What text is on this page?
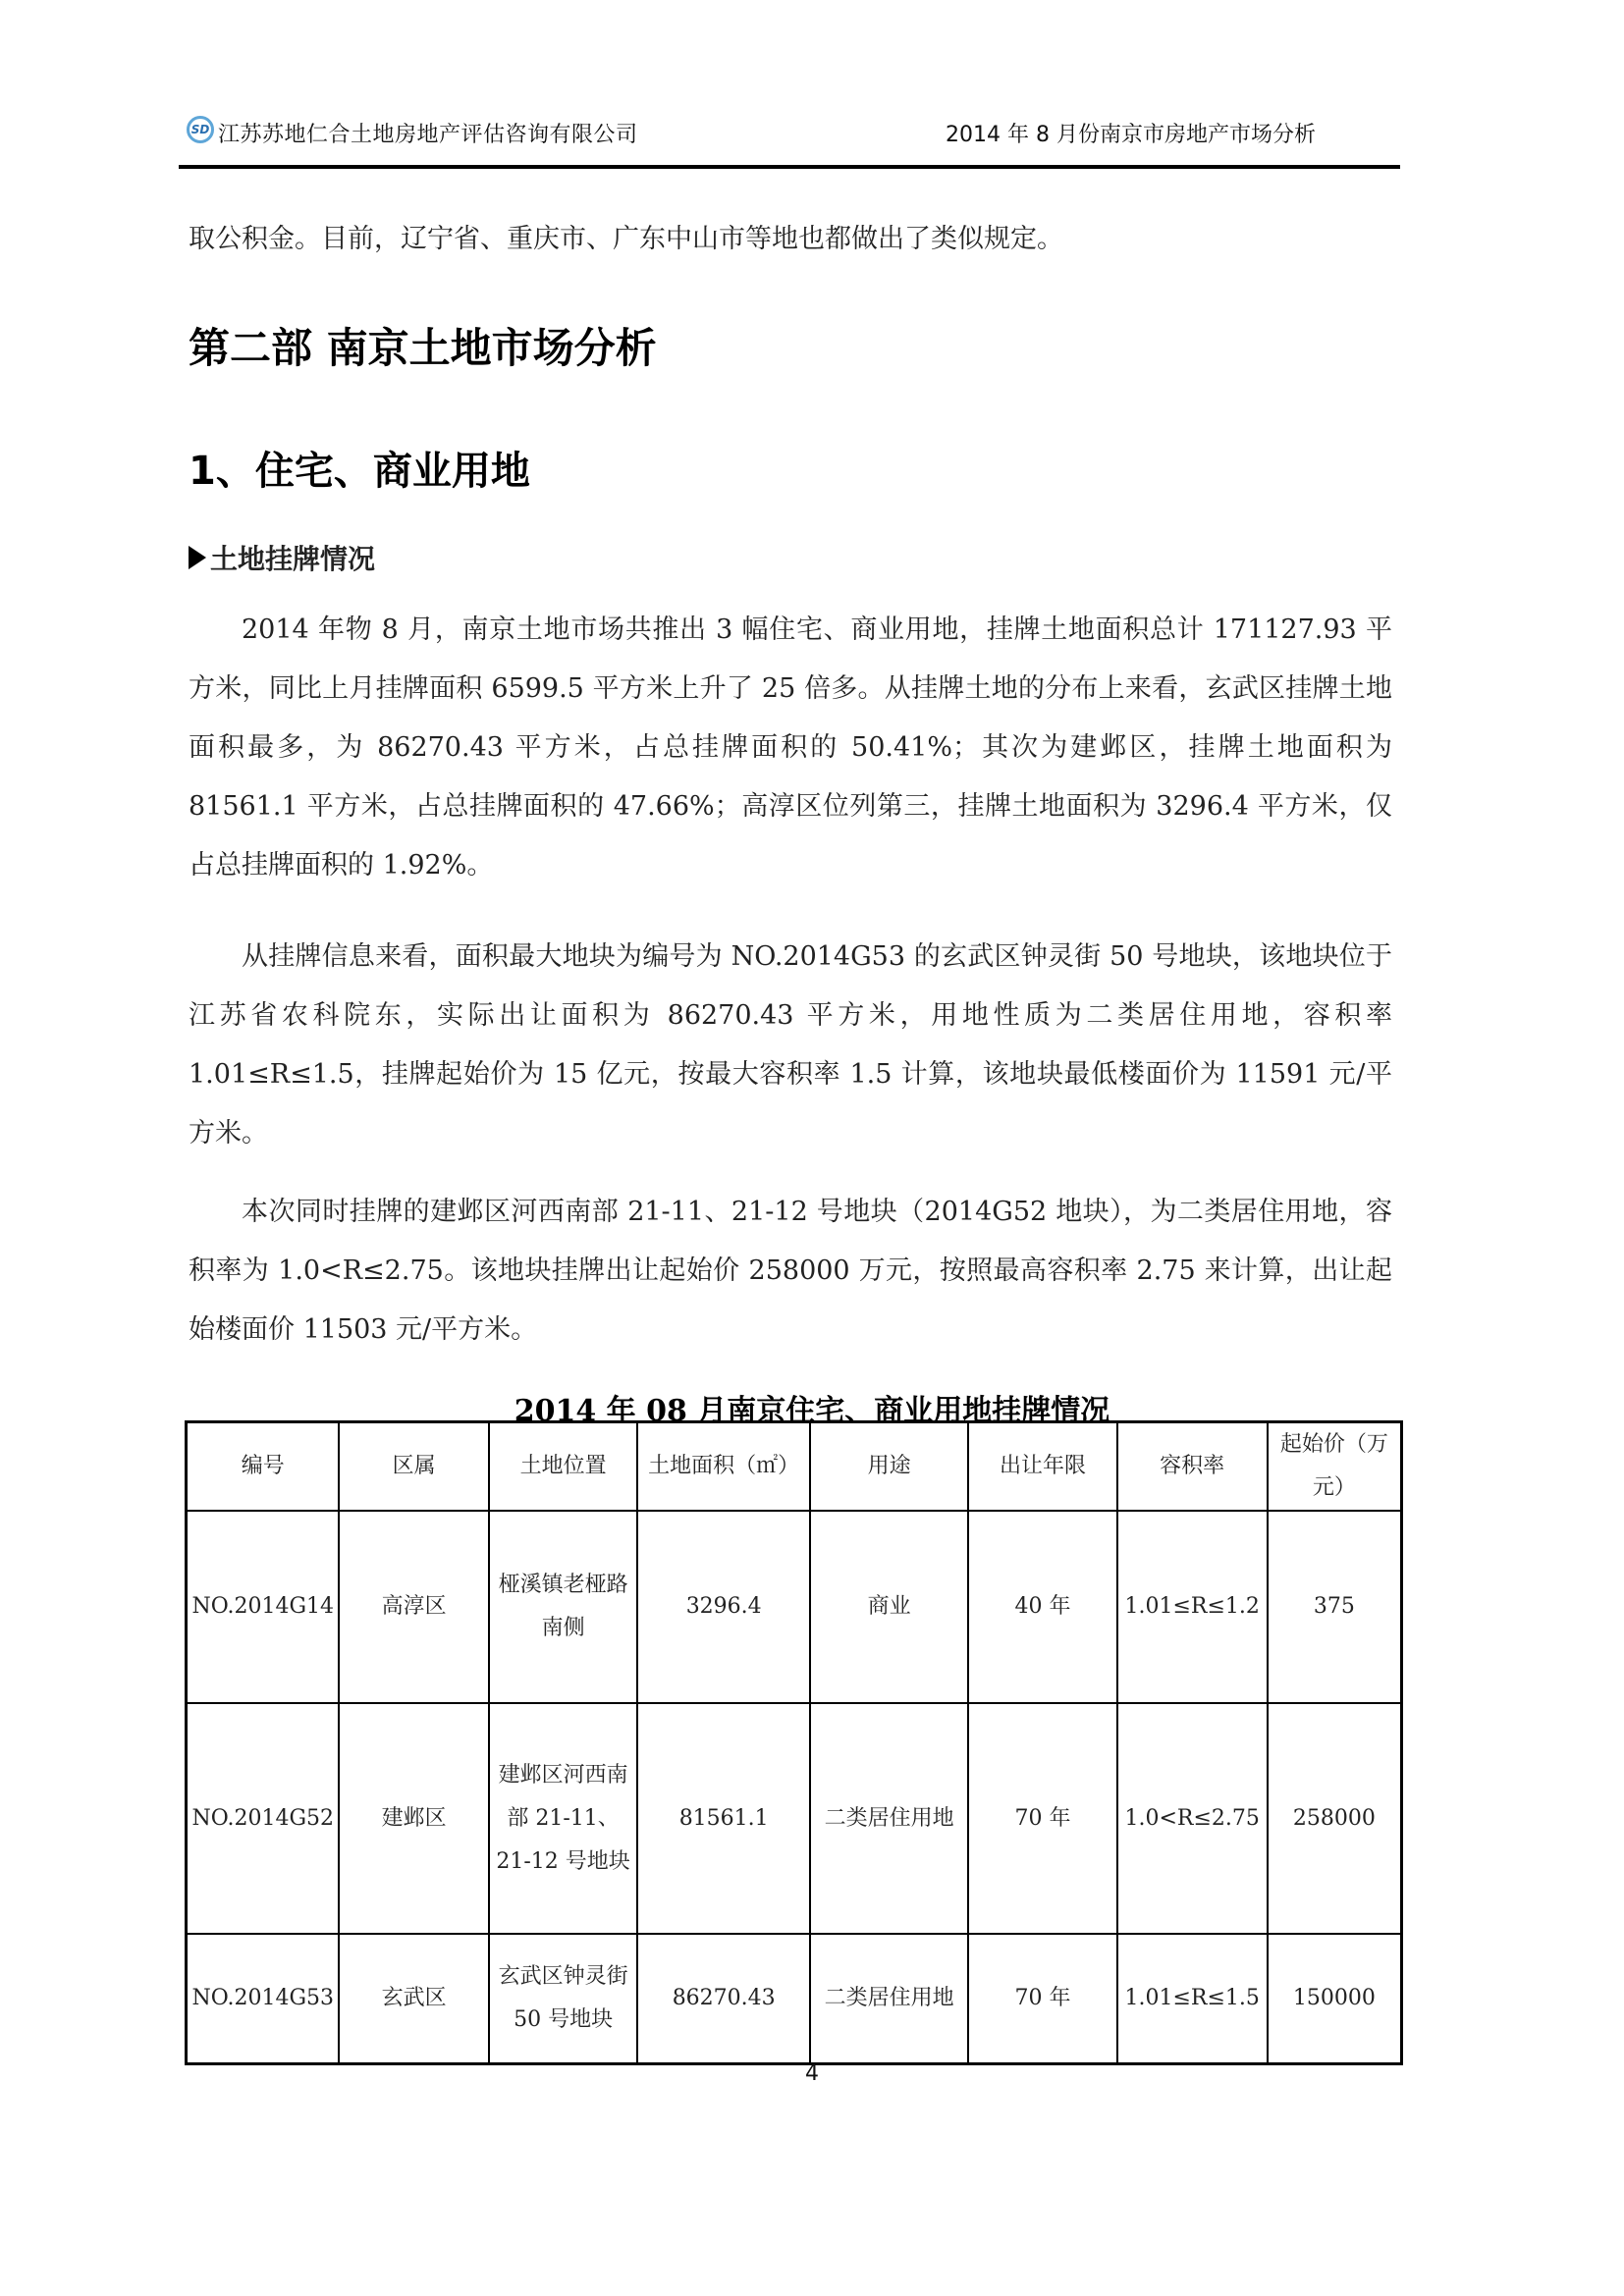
SD 江苏苏地仁合土地房地产评估咨询有限公司	2014 年 8 月份南京市房地产市场分析
取公积金。目前，辽宁省、重庆市、广东中山市等地也都做出了类似规定。
第二部 南京土地市场分析
1、住宅、商业用地
土地挂牌情况
2014 年物 8 月，南京土地市场共推出 3 幅住宅、商业用地，挂牌土地面积总计 171127.93 平方米，同比上月挂牌面积 6599.5 平方米上升了 25 倍多。从挂牌土地的分布上来看，玄武区挂牌土地面积最多，为 86270.43 平方米，占总挂牌面积的 50.41%；其次为建邺区，挂牌土地面积为 81561.1 平方米，占总挂牌面积的 47.66%；高淳区位列第三，挂牌土地面积为 3296.4 平方米，仅占总挂牌面积的 1.92%。
从挂牌信息来看，面积最大地块为编号为 NO.2014G53 的玄武区钟灵街 50 号地块，该地块位于江苏省农科院东，实际出让面积为 86270.43 平方米，用地性质为二类居住用地，容积率 1.01≤R≤1.5，挂牌起始价为 15 亿元，按最大容积率 1.5 计算，该地块最低楼面价为 11591 元/平方米。
本次同时挂牌的建邺区河西南部 21-11、21-12 号地块（2014G52 地块），为二类居住用地，容积率为 1.0<R≤2.75。该地块挂牌出让起始价 258000 万元，按照最高容积率 2.75 来计算，出让起始楼面价 11503 元/平方米。
2014 年 08 月南京住宅、商业用地挂牌情况
编号	区属	土地位置	土地面积（㎡）	用途	出让年限	容积率	起始价（万元）
NO.2014G14	高淳区	桠溪镇老桠路南侧	3296.4	商业	40 年	1.01≤R≤1.2	375
NO.2014G52	建邺区	建邺区河西南部 21-11、21-12 号地块	81561.1	二类居住用地	70 年	1.0<R≤2.75	258000
NO.2014G53	玄武区	玄武区钟灵街 50 号地块	86270.43	二类居住用地	70 年	1.01≤R≤1.5	150000
4
